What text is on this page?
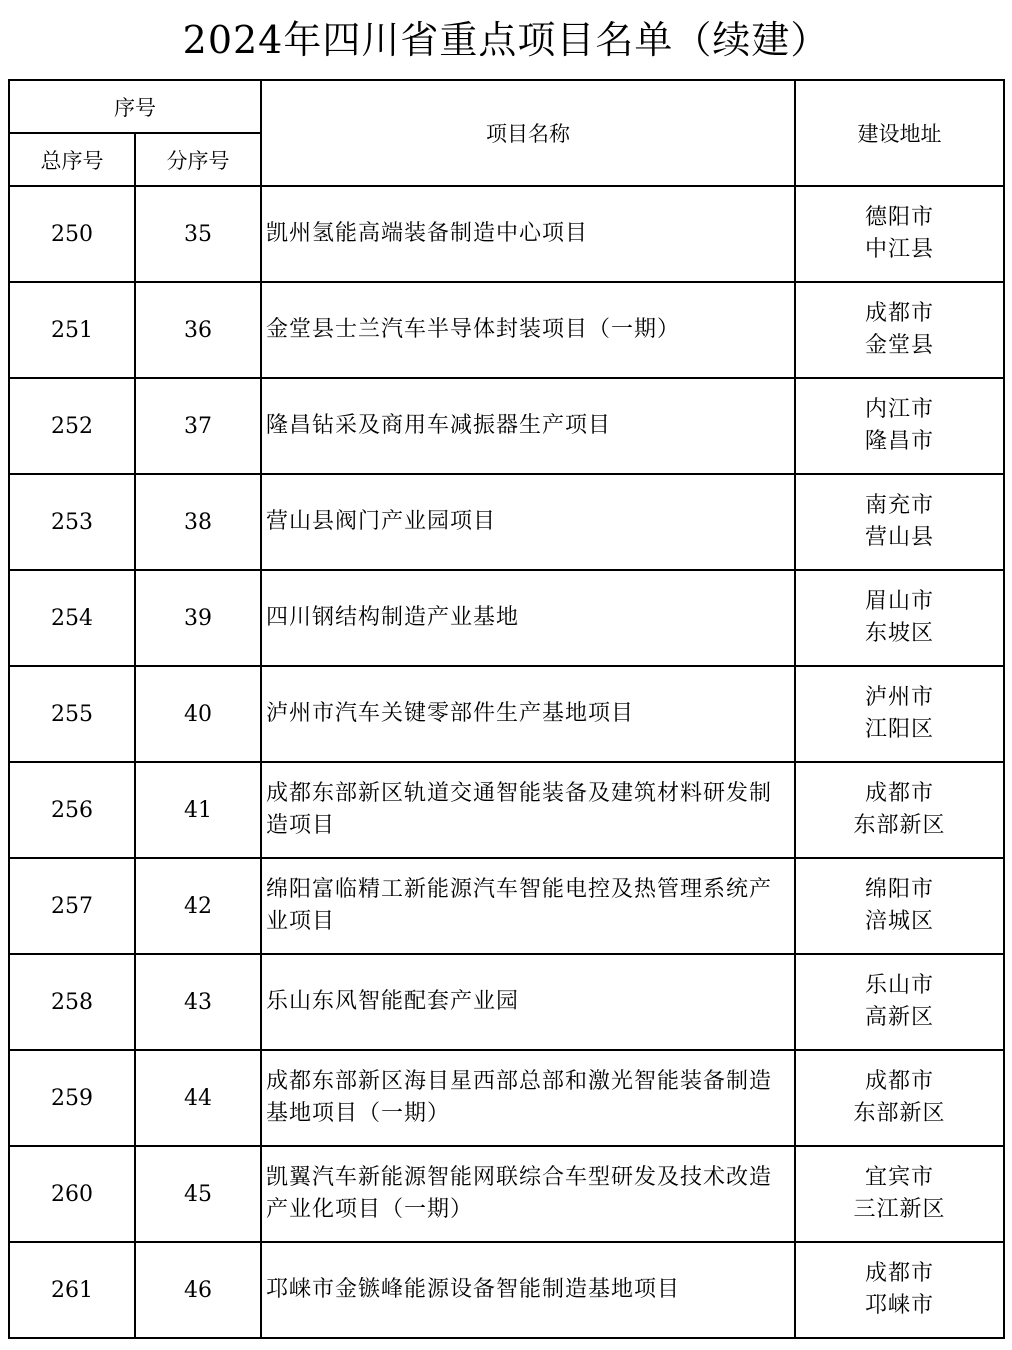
2024年四川省重点项目名单（续建）
序号		项目名称	建设地址
总序号	分序号		
250	35	凯州氢能高端装备制造中心项目	德阳市
中江县

251	36	金堂县士兰汽车半导体封装项目（一期）	成都市
金堂县

252	37	隆昌钻采及商用车减振器生产项目	内江市
隆昌市

253	38	营山县阀门产业园项目	南充市
营山县

254	39	四川钢结构制造产业基地	眉山市
东坡区

255	40	泸州市汽车关键零部件生产基地项目	泸州市
江阳区

256	41	成都东部新区轨道交通智能装备及建筑材料研发制造项目	成都市
东部新区

257	42	绵阳富临精工新能源汽车智能电控及热管理系统产业项目	绵阳市
涪城区

258	43	乐山东风智能配套产业园	乐山市
高新区

259	44	成都东部新区海目星西部总部和激光智能装备制造基地项目（一期）	成都市
东部新区

260	45	凯翼汽车新能源智能网联综合车型研发及技术改造产业化项目（一期）	宜宾市
三江新区

261	46	邛崃市金镞峰能源设备智能制造基地项目	成都市
邛崃市
